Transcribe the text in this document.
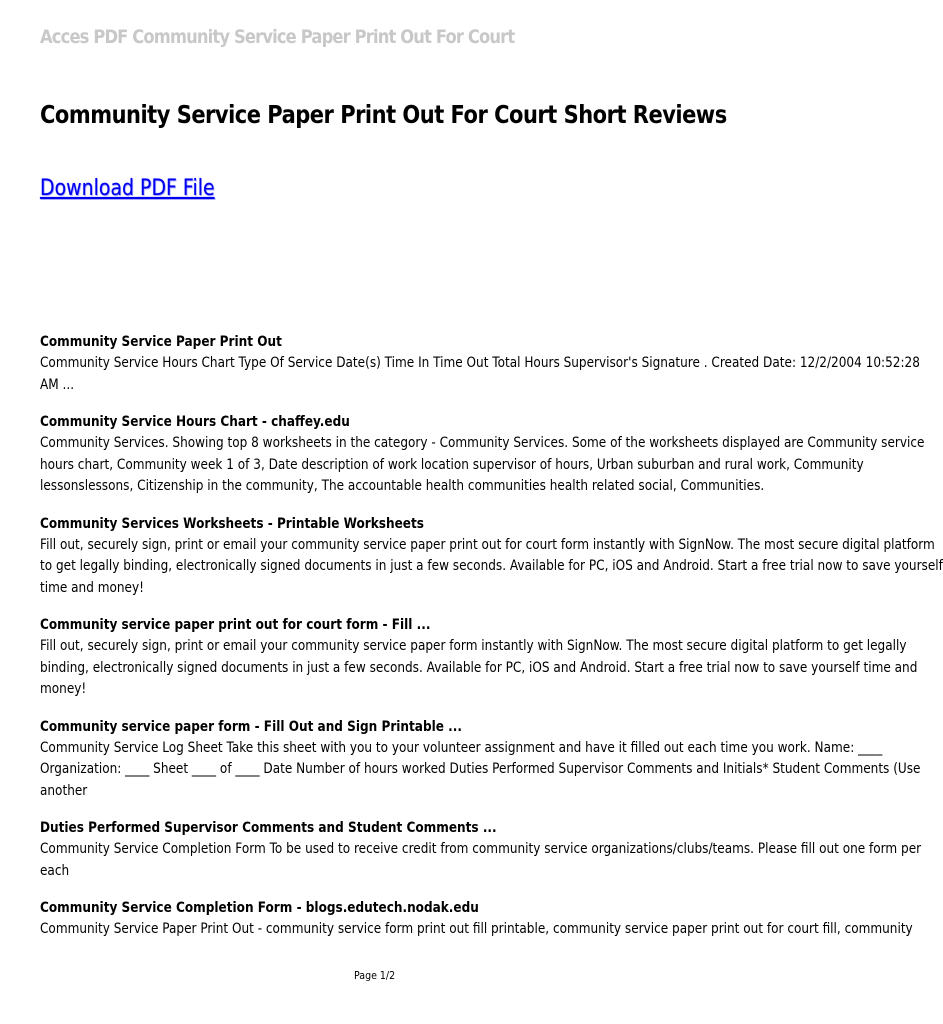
Acces PDF Community Service Paper Print Out For Court
Community Service Paper Print Out For Court Short Reviews
Download PDF File
Community Service Paper Print Out
Community Service Hours Chart Type Of Service Date(s) Time In Time Out Total Hours Supervisor's Signature . Created Date: 12/2/2004 10:52:28
AM ...
Community Service Hours Chart - chaffey.edu
Community Services. Showing top 8 worksheets in the category - Community Services. Some of the worksheets displayed are Community service
hours chart, Community week 1 of 3, Date description of work location supervisor of hours, Urban suburban and rural work, Community
lessonslessons, Citizenship in the community, The accountable health communities health related social, Communities.
Community Services Worksheets - Printable Worksheets
Fill out, securely sign, print or email your community service paper print out for court form instantly with SignNow. The most secure digital platform
to get legally binding, electronically signed documents in just a few seconds. Available for PC, iOS and Android. Start a free trial now to save yourself
time and money!
Community service paper print out for court form - Fill ...
Fill out, securely sign, print or email your community service paper form instantly with SignNow. The most secure digital platform to get legally
binding, electronically signed documents in just a few seconds. Available for PC, iOS and Android. Start a free trial now to save yourself time and
money!
Community service paper form - Fill Out and Sign Printable ...
Community Service Log Sheet Take this sheet with you to your volunteer assignment and have it filled out each time you work. Name: ____
Organization: ____ Sheet ____ of ____ Date Number of hours worked Duties Performed Supervisor Comments and Initials* Student Comments (Use
another
Duties Performed Supervisor Comments and Student Comments ...
Community Service Completion Form To be used to receive credit from community service organizations/clubs/teams. Please fill out one form per
each
Community Service Completion Form - blogs.edutech.nodak.edu
Community Service Paper Print Out - community service form print out fill printable, community service paper print out for court fill, community
Page 1/2
